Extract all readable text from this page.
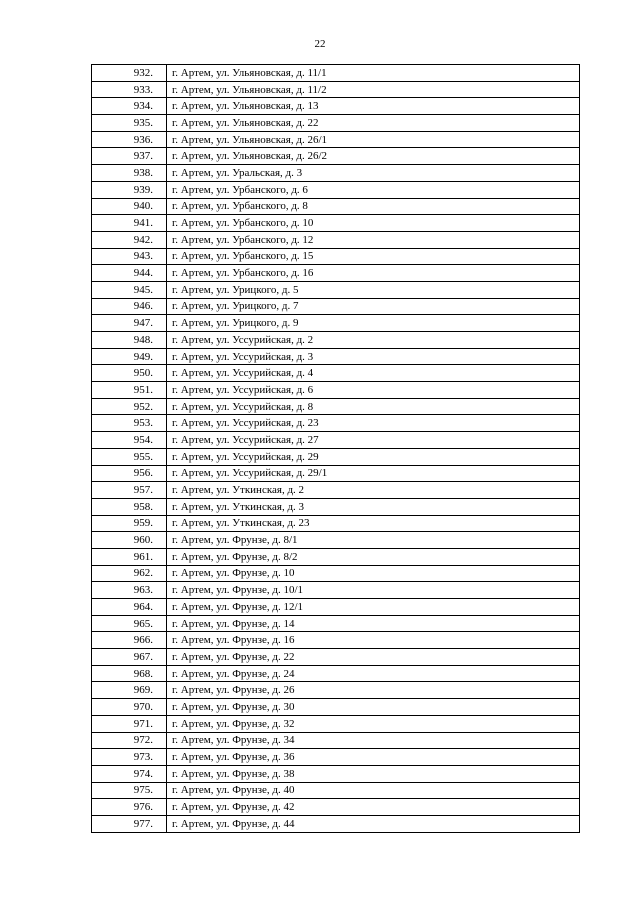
22
932.	г. Артем, ул. Ульяновская, д. 11/1
933.	г. Артем, ул. Ульяновская, д. 11/2
934.	г. Артем, ул. Ульяновская, д. 13
935.	г. Артем, ул. Ульяновская, д. 22
936.	г. Артем, ул. Ульяновская, д. 26/1
937.	г. Артем, ул. Ульяновская, д. 26/2
938.	г. Артем, ул. Уральская, д. 3
939.	г. Артем, ул. Урбанского, д. 6
940.	г. Артем, ул. Урбанского, д. 8
941.	г. Артем, ул. Урбанского, д. 10
942.	г. Артем, ул. Урбанского, д. 12
943.	г. Артем, ул. Урбанского, д. 15
944.	г. Артем, ул. Урбанского, д. 16
945.	г. Артем, ул. Урицкого, д. 5
946.	г. Артем, ул. Урицкого, д. 7
947.	г. Артем, ул. Урицкого, д. 9
948.	г. Артем, ул. Уссурийская, д. 2
949.	г. Артем, ул. Уссурийская, д. 3
950.	г. Артем, ул. Уссурийская, д. 4
951.	г. Артем, ул. Уссурийская, д. 6
952.	г. Артем, ул. Уссурийская, д. 8
953.	г. Артем, ул. Уссурийская, д. 23
954.	г. Артем, ул. Уссурийская, д. 27
955.	г. Артем, ул. Уссурийская, д. 29
956.	г. Артем, ул. Уссурийская, д. 29/1
957.	г. Артем, ул. Уткинская, д. 2
958.	г. Артем, ул. Уткинская, д. 3
959.	г. Артем, ул. Уткинская, д. 23
960.	г. Артем, ул. Фрунзе, д. 8/1
961.	г. Артем, ул. Фрунзе, д. 8/2
962.	г. Артем, ул. Фрунзе, д. 10
963.	г. Артем, ул. Фрунзе, д. 10/1
964.	г. Артем, ул. Фрунзе, д. 12/1
965.	г. Артем, ул. Фрунзе, д. 14
966.	г. Артем, ул. Фрунзе, д. 16
967.	г. Артем, ул. Фрунзе, д. 22
968.	г. Артем, ул. Фрунзе, д. 24
969.	г. Артем, ул. Фрунзе, д. 26
970.	г. Артем, ул. Фрунзе, д. 30
971.	г. Артем, ул. Фрунзе, д. 32
972.	г. Артем, ул. Фрунзе, д. 34
973.	г. Артем, ул. Фрунзе, д. 36
974.	г. Артем, ул. Фрунзе, д. 38
975.	г. Артем, ул. Фрунзе, д. 40
976.	г. Артем, ул. Фрунзе, д. 42
977.	г. Артем, ул. Фрунзе, д. 44
